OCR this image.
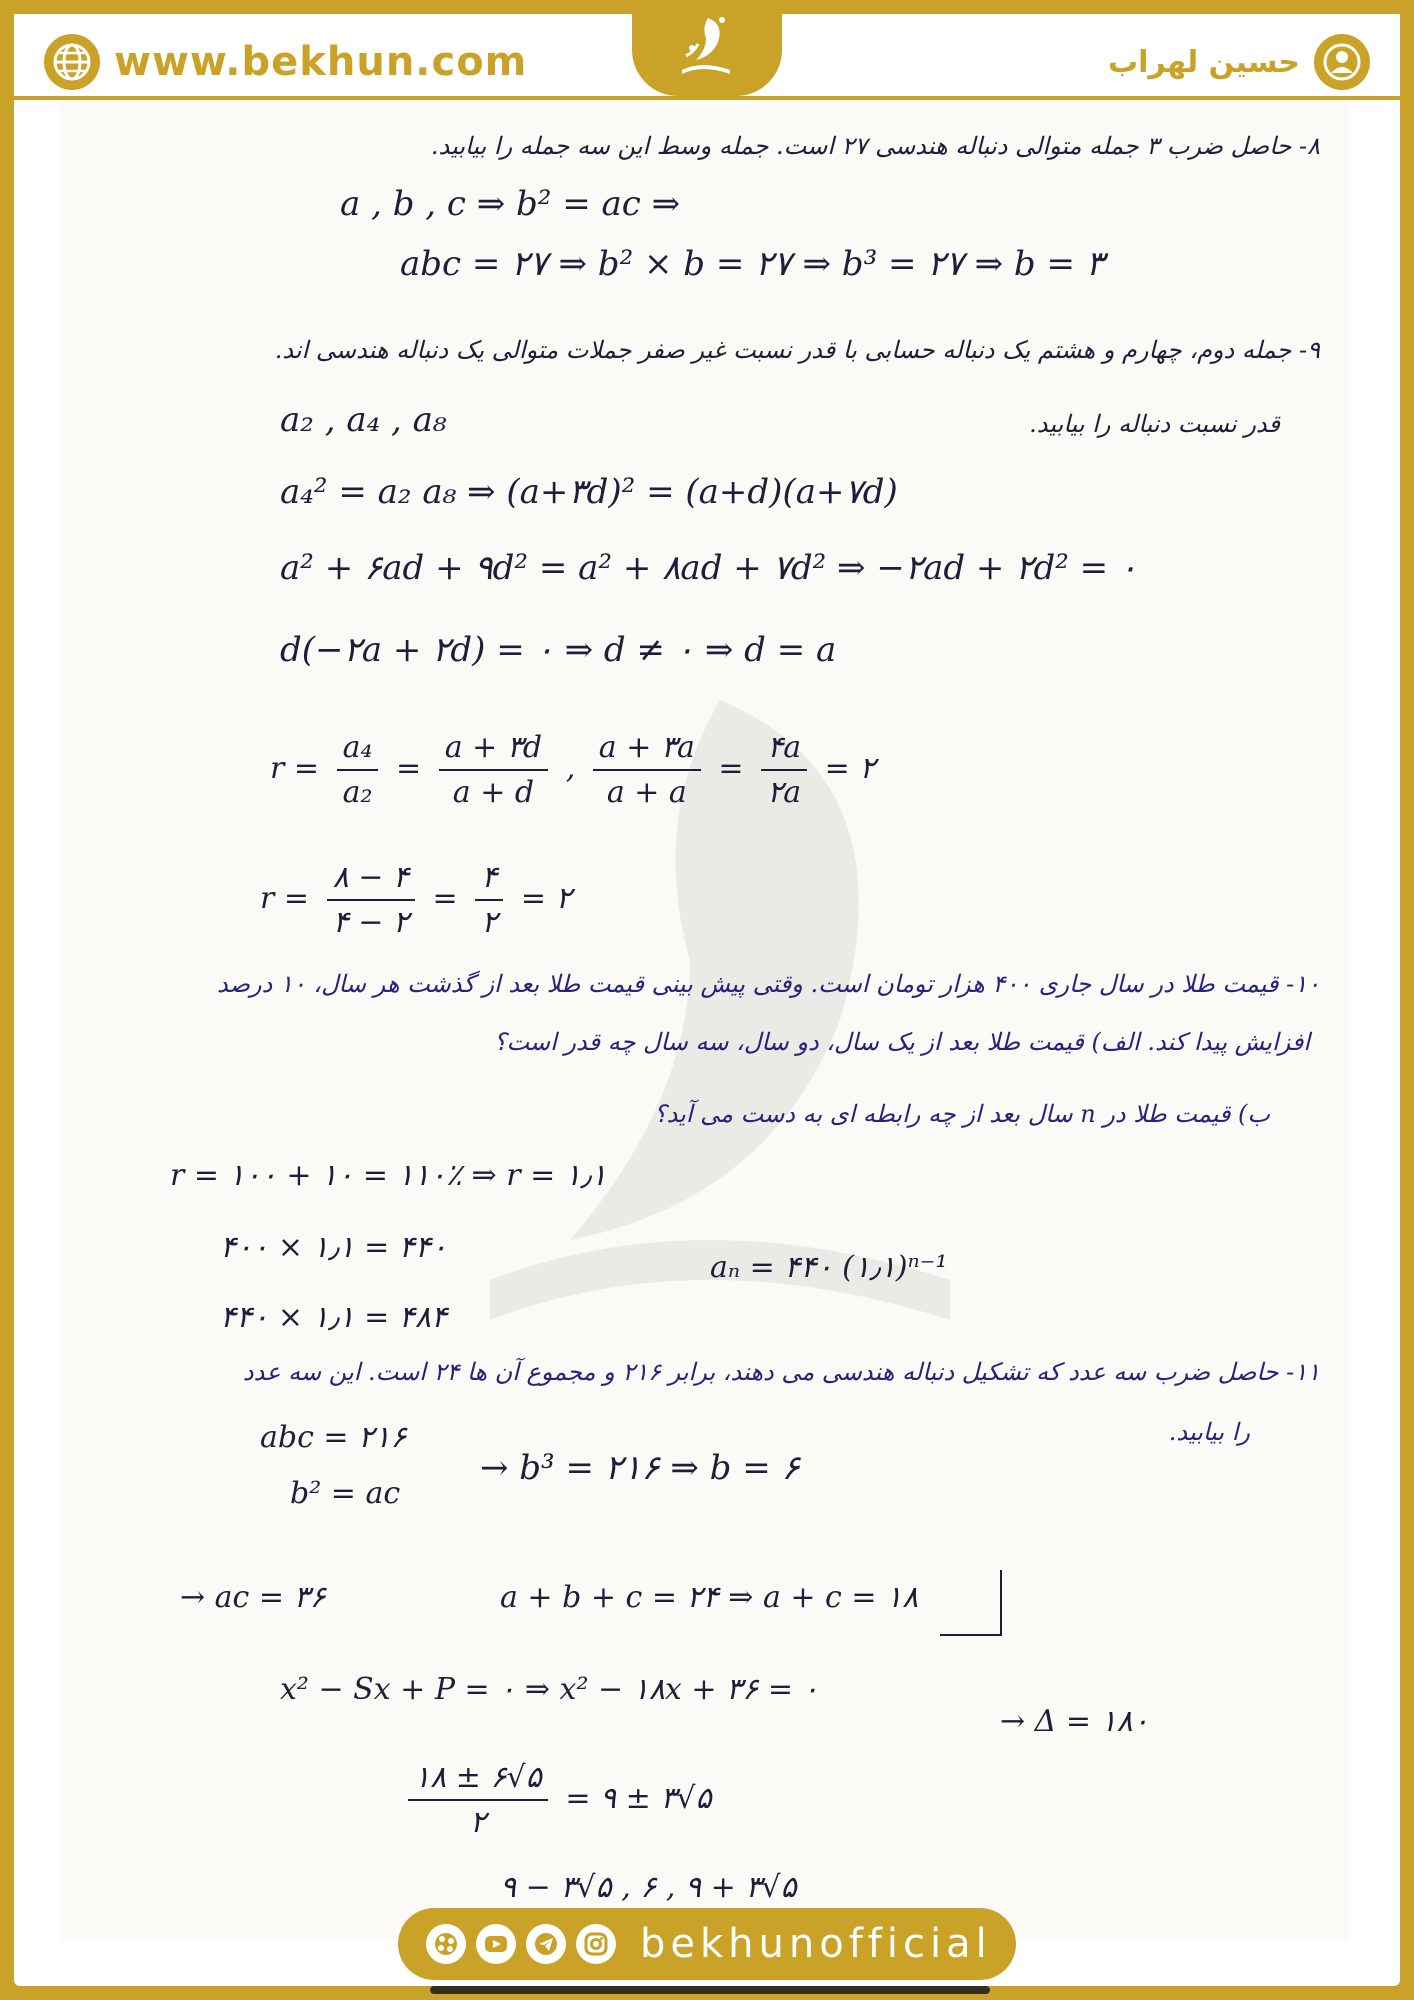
www.bekhun.com	حسین لهراب
۸- حاصل ضرب ۳ جمله متوالی دنباله هندسی ۲۷ است. جمله وسط این سه جمله را بیابید.
a , b , c ⇒ b² = ac ⇒
abc = ۲۷ ⇒ b² × b = ۲۷ ⇒ b³ = ۲۷ ⇒ b = ۳
۹- جمله دوم، چهارم و هشتم یک دنباله حسابی با قدر نسبت غیر صفر جملات متوالی یک دنباله هندسی اند.
قدر نسبت دنباله را بیابید.
a₂ , a₄ , a₈
a₄² = a₂ a₈ ⇒ (a+۳d)² = (a+d)(a+۷d)
a² + ۶ad + ۹d² = a² + ۸ad + ۷d² ⇒ −۲ad + ۲d² = ۰
d(−۲a + ۲d) = ۰ ⇒ d ≠ ۰ ⇒ d = a
$r = \frac{\text{a₄}}{\text{a₂}} = \frac{a + ۳d}{a + d}$ , $\frac{a + ۳a}{a + a} = \frac{۴a}{۲a}$ = ۲
$r = \frac{۸ - ۴}{۴ - ۲} = \frac{۴}{۲}$ = ۲
۱۰- قیمت طلا در سال جاری ۴۰۰ هزار تومان است. وقتی پیش بینی قیمت طلا بعد از گذشت هر سال، ۱۰ درصد
افزایش پیدا کند. الف) قیمت طلا بعد از یک سال، دو سال، سه سال چه قدر است؟
ب) قیمت طلا در n سال بعد از چه رابطه ای به دست می آید؟
r = ۱۰۰ + ۱۰ = ۱۱۰٪ ⇒ r = ۱٫۱
۴۰۰ × ۱٫۱ = ۴۴۰
aₙ = ۴۴۰ (۱٫۱)ⁿ⁻¹
۴۴۰ × ۱٫۱ = ۴۸۴
۱۱- حاصل ضرب سه عدد که تشکیل دنباله هندسی می دهند، برابر ۲۱۶ و مجموع آن ها ۲۴ است. این سه عدد
را بیابید.
abc = ۲۱۶
b² = ac
→ b³ = ۲۱۶ ⇒ b = ۶
→ ac = ۳۶	a + b + c = ۲۴ ⇒ a + c = ۱۸
x² − Sx + P = ۰ ⇒ x² − ۱۸x + ۳۶ = ۰
→ Δ = ۱۸۰
$\frac{۱۸ \pm ۶√۵}{۲}$ = ۹ ± ۳√۵
۹ − ۳√۵ , ۶ , ۹ + ۳√۵
bekhunofficial
